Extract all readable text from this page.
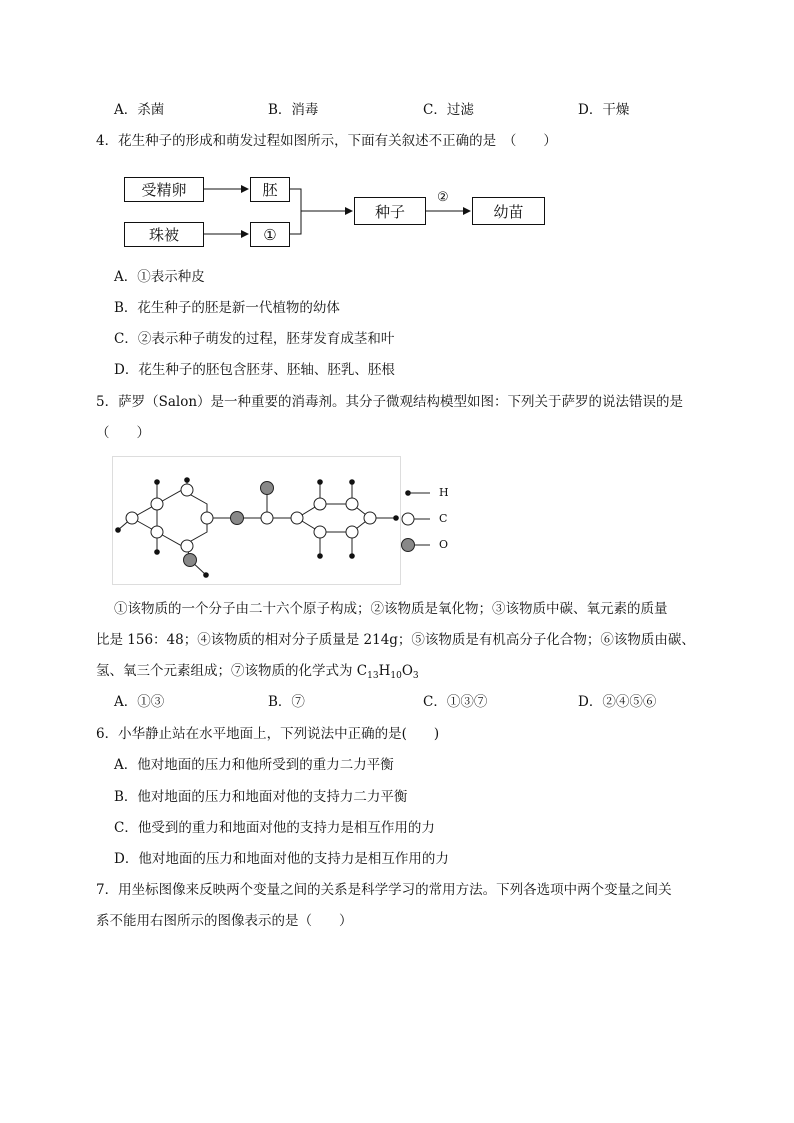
A．杀菌	B．消毒	C．过滤	D．干燥
4．花生种子的形成和萌发过程如图所示，下面有关叙述不正确的是　（　　）
受精卵	胚
珠被	①
种子
②
幼苗
A．①表示种皮
B．花生种子的胚是新一代植物的幼体
C．②表示种子萌发的过程，胚芽发育成茎和叶
D．花生种子的胚包含胚芽、胚轴、胚乳、胚根
5．萨罗（Salon）是一种重要的消毒剂。其分子微观结构模型如图：下列关于萨罗的说法错误的是
（　　）
H
C
O
①该物质的一个分子由二十六个原子构成；②该物质是氧化物；③该物质中碳、氧元素的质量
比是 156：48；④该物质的相对分子质量是 214g；⑤该物质是有机高分子化合物；⑥该物质由碳、
氢、氧三个元素组成；⑦该物质的化学式为 $C_{13}H_{10}O_3$
A．①③	B．⑦	C．①③⑦	D．②④⑤⑥
6．小华静止站在水平地面上，下列说法中正确的是(　　)
A．他对地面的压力和他所受到的重力二力平衡
B．他对地面的压力和地面对他的支持力二力平衡
C．他受到的重力和地面对他的支持力是相互作用的力
D．他对地面的压力和地面对他的支持力是相互作用的力
7．用坐标图像来反映两个变量之间的关系是科学学习的常用方法。下列各选项中两个变量之间关
系不能用右图所示的图像表示的是（　　）
